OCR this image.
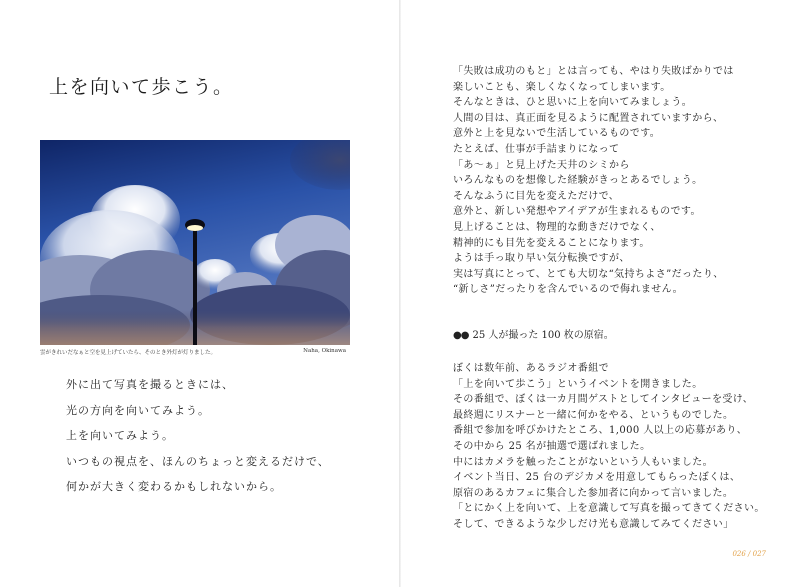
上を向いて歩こう。
雲がきれいだなぁと空を見上げていたら、そのとき外灯が灯りました。	Naha, Okinawa
外に出て写真を撮るときには、
光の方向を向いてみよう。
上を向いてみよう。
いつもの視点を、ほんのちょっと変えるだけで、
何かが大きく変わるかもしれないから。
「失敗は成功のもと」とは言っても、やはり失敗ばかりでは
楽しいことも、楽しくなくなってしまいます。
そんなときは、ひと思いに上を向いてみましょう。
人間の目は、真正面を見るように配置されていますから、
意外と上を見ないで生活しているものです。
たとえば、仕事が手詰まりになって
「あ〜ぁ」と見上げた天井のシミから
いろんなものを想像した経験がきっとあるでしょう。
そんなふうに目先を変えただけで、
意外と、新しい発想やアイデアが生まれるものです。
見上げることは、物理的な動きだけでなく、
精神的にも目先を変えることになります。
ようは手っ取り早い気分転換ですが、
実は写真にとって、とても大切な“気持ちよさ”だったり、
“新しさ”だったりを含んでいるので侮れません。
●● 25 人が撮った 100 枚の原宿。
ぼくは数年前、あるラジオ番組で
「上を向いて歩こう」というイベントを開きました。
その番組で、ぼくは一カ月間ゲストとしてインタビューを受け、
最終週にリスナーと一緒に何かをやる、というものでした。
番組で参加を呼びかけたところ、1,000 人以上の応募があり、
その中から 25 名が抽選で選ばれました。
中にはカメラを触ったことがないという人もいました。
イベント当日、25 台のデジカメを用意してもらったぼくは、
原宿のあるカフェに集合した参加者に向かって言いました。
「とにかく上を向いて、上を意識して写真を撮ってきてください。
そして、できるような少しだけ光も意識してみてください」
026 / 027
